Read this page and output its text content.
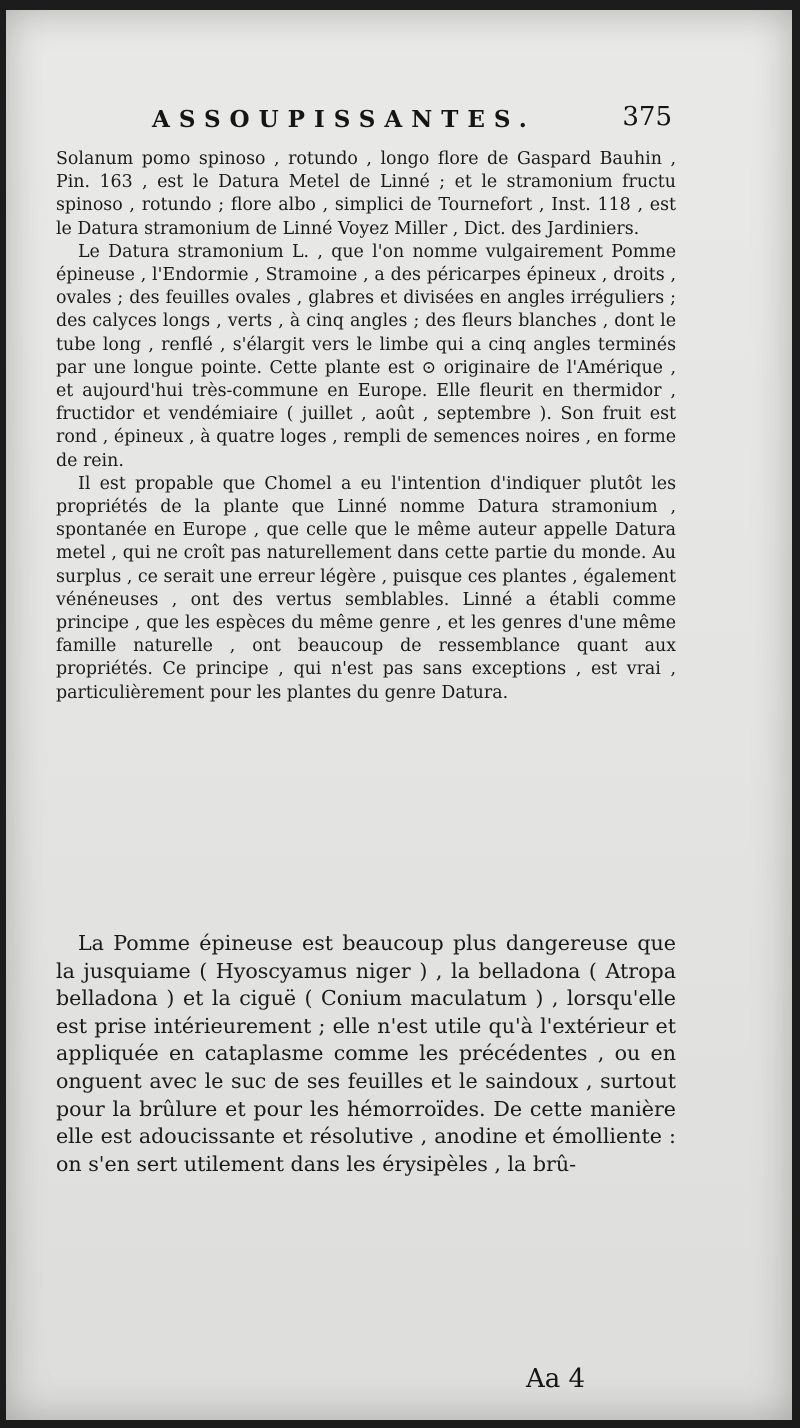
ASSOUPISSANTES.	375

Solanum pomo spinoso , rotundo , longo flore de Gaspard Bauhin , Pin. 163 , est le Datura Metel de Linné ; et le stramonium fructu spinoso , rotundo ; flore albo , simplici de Tournefort , Inst. 118 , est le Datura stramonium de Linné Voyez Miller , Dict. des Jardiniers.

Le Datura stramonium L. , que l'on nomme vulgairement Pomme épineuse , l'Endormie , Stramoine , a des péricarpes épineux , droits , ovales ; des feuilles ovales , glabres et divisées en angles irréguliers ; des calyces longs , verts , à cinq angles ; des fleurs blanches , dont le tube long , renflé , s'élargit vers le limbe qui a cinq angles terminés par une longue pointe. Cette plante est ⊙ originaire de l'Amérique , et aujourd'hui très-commune en Europe. Elle fleurit en thermidor , fructidor et vendémiaire ( juillet , août , septembre ). Son fruit est rond , épineux , à quatre loges , rempli de semences noires , en forme de rein.

Il est propable que Chomel a eu l'intention d'indiquer plutôt les propriétés de la plante que Linné nomme Datura stramonium , spontanée en Europe , que celle que le même auteur appelle Datura metel , qui ne croît pas naturellement dans cette partie du monde. Au surplus , ce serait une erreur légère , puisque ces plantes , également vénéneuses , ont des vertus semblables. Linné a établi comme principe , que les espèces du même genre , et les genres d'une même famille naturelle , ont beaucoup de ressemblance quant aux propriétés. Ce principe , qui n'est pas sans exceptions , est vrai , particulièrement pour les plantes du genre Datura.

La Pomme épineuse est beaucoup plus dangereuse que la jusquiame ( Hyoscyamus niger ) , la belladona ( Atropa belladona ) et la ciguë ( Conium maculatum ) , lorsqu'elle est prise intérieurement ; elle n'est utile qu'à l'extérieur et appliquée en cataplasme comme les précédentes , ou en onguent avec le suc de ses feuilles et le saindoux , surtout pour la brûlure et pour les hémorroïdes. De cette manière elle est adoucissante et résolutive , anodine et émolliente : on s'en sert utilement dans les érysipèles , la brû-

Aa 4
